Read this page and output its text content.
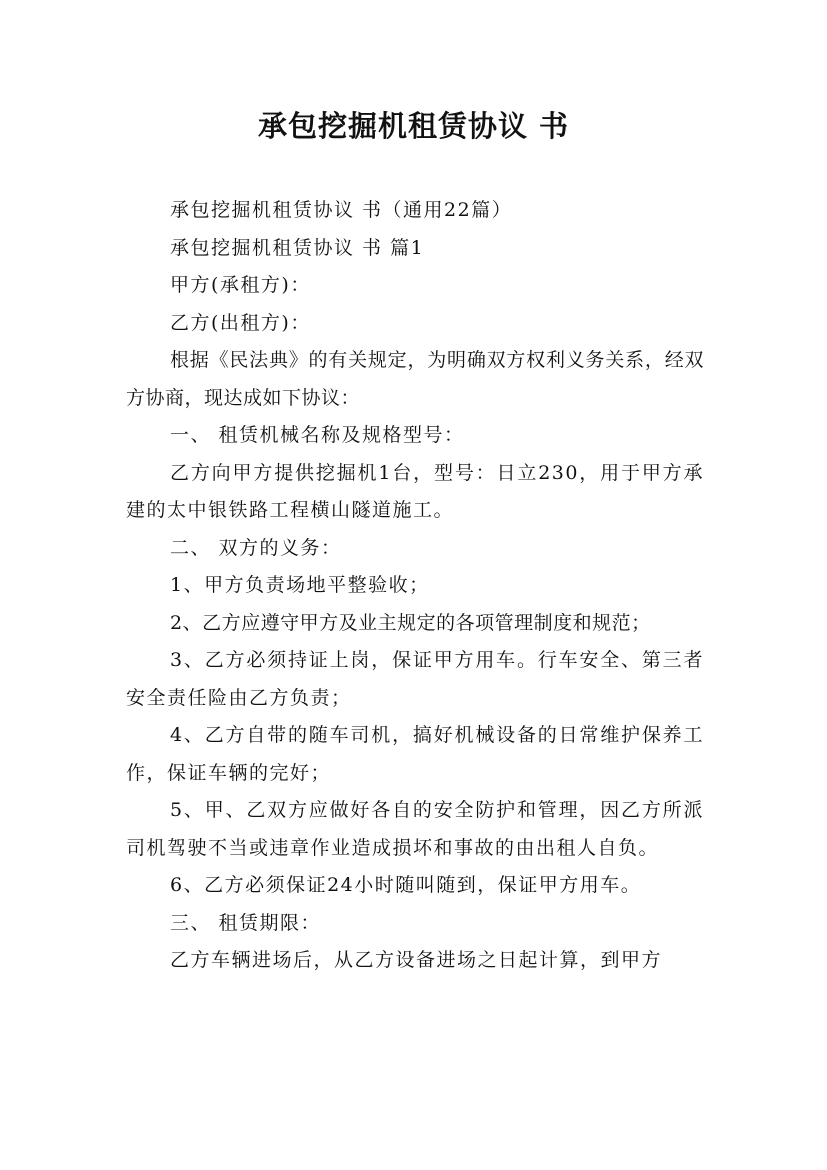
承包挖掘机租赁协议 书

承包挖掘机租赁协议 书（通用22篇）

承包挖掘机租赁协议 书 篇1

甲方(承租方)：

乙方(出租方)：

根据《民法典》的有关规定，为明确双方权利义务关系，经双方协商，现达成如下协议：

一、 租赁机械名称及规格型号：

乙方向甲方提供挖掘机1台，型号：日立230，用于甲方承建的太中银铁路工程横山隧道施工。

二、 双方的义务：

1、甲方负责场地平整验收；

2、乙方应遵守甲方及业主规定的各项管理制度和规范；

3、乙方必须持证上岗，保证甲方用车。行车安全、第三者安全责任险由乙方负责；

4、乙方自带的随车司机，搞好机械设备的日常维护保养工作，保证车辆的完好；

5、甲、乙双方应做好各自的安全防护和管理，因乙方所派司机驾驶不当或违章作业造成损坏和事故的由出租人自负。

6、乙方必须保证24小时随叫随到，保证甲方用车。

三、 租赁期限：

乙方车辆进场后，从乙方设备进场之日起计算，到甲方
